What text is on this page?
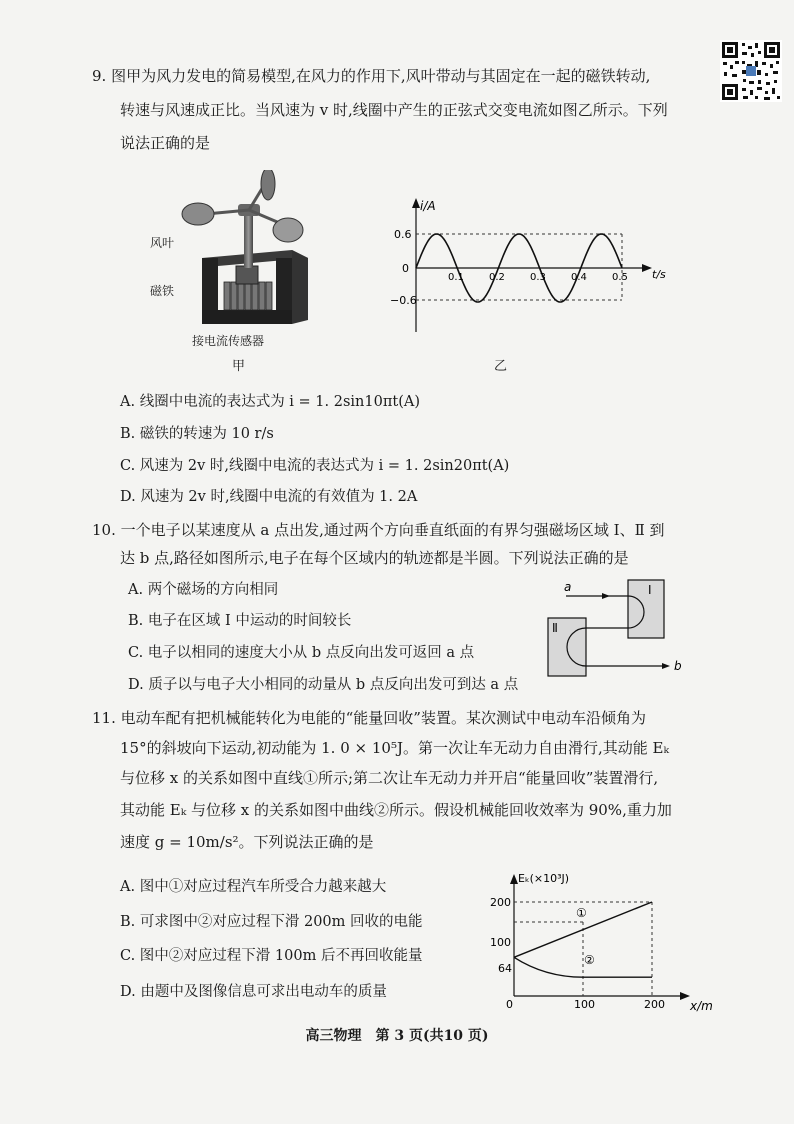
9. 图甲为风力发电的简易模型,在风力的作用下,风叶带动与其固定在一起的磁铁转动,
转速与风速成正比。当风速为 v 时,线圈中产生的正弦式交变电流如图乙所示。下列
说法正确的是
风叶
磁铁
接电流传感器
甲
i/A
t/s
0.6
0
−0.6
0.1	0.2	0.3	0.4	0.5
乙
A. 线圈中电流的表达式为 i = 1. 2sin10πt(A)
B. 磁铁的转速为 10 r/s
C. 风速为 2v 时,线圈中电流的表达式为 i = 1. 2sin20πt(A)
D. 风速为 2v 时,线圈中电流的有效值为 1. 2A
10. 一个电子以某速度从 a 点出发,通过两个方向垂直纸面的有界匀强磁场区域 Ⅰ、Ⅱ 到
达 b 点,路径如图所示,电子在每个区域内的轨迹都是半圆。下列说法正确的是
A. 两个磁场的方向相同
B. 电子在区域 Ⅰ 中运动的时间较长
C. 电子以相同的速度大小从 b 点反向出发可返回 a 点
D. 质子以与电子大小相同的动量从 b 点反向出发可到达 a 点
a
b
Ⅰ
Ⅱ
11. 电动车配有把机械能转化为电能的“能量回收”装置。某次测试中电动车沿倾角为
15°的斜坡向下运动,初动能为 1. 0 × 10⁵J。第一次让车无动力自由滑行,其动能 Eₖ
与位移 x 的关系如图中直线①所示;第二次让车无动力并开启“能量回收”装置滑行,
其动能 Eₖ 与位移 x 的关系如图中曲线②所示。假设机械能回收效率为 90%,重力加
速度 g = 10m/s²。下列说法正确的是
A. 图中①对应过程汽车所受合力越来越大
B. 可求图中②对应过程下滑 200m 回收的电能
C. 图中②对应过程下滑 100m 后不再回收能量
D. 由题中及图像信息可求出电动车的质量
Eₖ(×10³J)
x/m
200
100
64
0	100	200
①
②
高三物理　第 3 页(共10 页)
